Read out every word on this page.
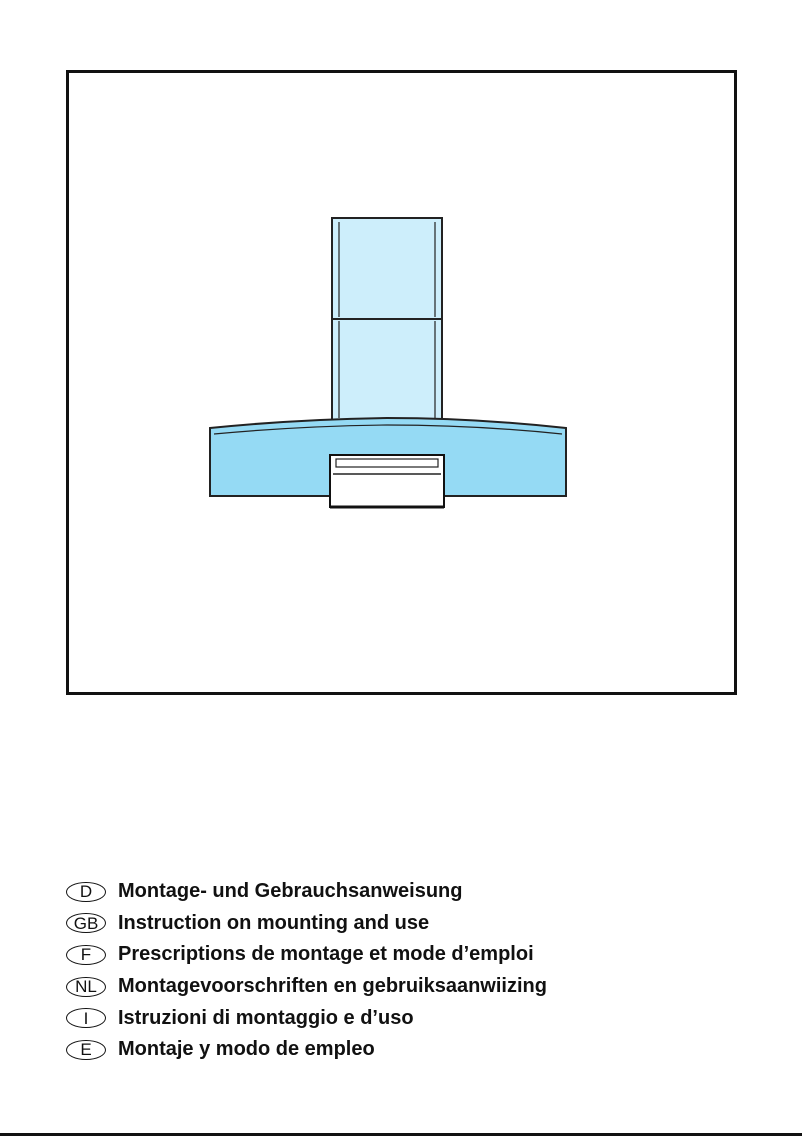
D	Montage- und Gebrauchsanweisung
GB Instruction on mounting and use
F	Prescriptions de montage et mode d’emploi
NL	Montagevoorschriften en gebruiksaanwiizing
I	Istruzioni di montaggio e d’uso
E	Montaje y modo de empleo
